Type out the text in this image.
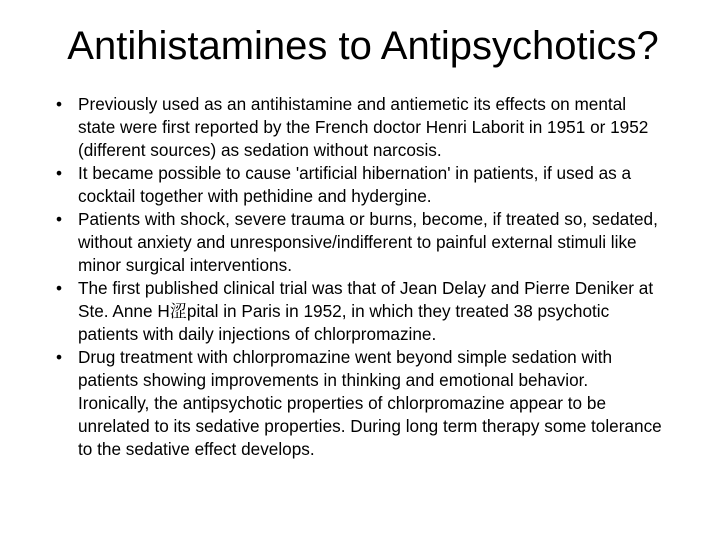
Antihistamines to Antipsychotics?
• Previously used as an antihistamine and antiemetic its effects on mental state were first reported by the French doctor Henri Laborit in 1951 or 1952 (different sources) as sedation without narcosis.
• It became possible to cause 'artificial hibernation' in patients, if used as a cocktail together with pethidine and hydergine.
• Patients with shock, severe trauma or burns, become, if treated so, sedated, without anxiety and unresponsive/indifferent to painful external stimuli like minor surgical interventions.
• The first published clinical trial was that of Jean Delay and Pierre Deniker at Ste. Anne H涩pital in Paris in 1952, in which they treated 38 psychotic patients with daily injections of chlorpromazine.
• Drug treatment with chlorpromazine went beyond simple sedation with patients showing improvements in thinking and emotional behavior. Ironically, the antipsychotic properties of chlorpromazine appear to be unrelated to its sedative properties. During long term therapy some tolerance to the sedative effect develops.
